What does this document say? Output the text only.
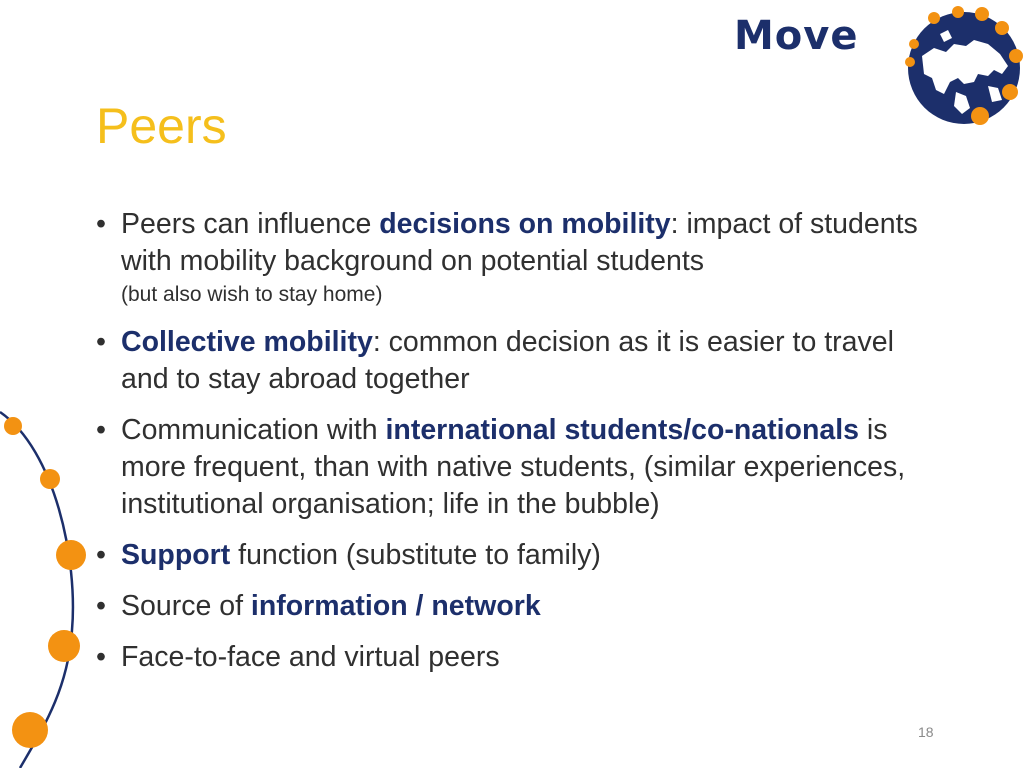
Move
Peers
• Peers can influence decisions on mobility: impact of students with mobility background on potential students
(but also wish to stay home)
• Collective mobility: common decision as it is easier to travel and to stay abroad together
• Communication with international students/co-nationals is more frequent, than with native students, (similar experiences, institutional organisation; life in the bubble)
• Support function (substitute to family)
• Source of information / network
• Face-to-face and virtual peers
18
